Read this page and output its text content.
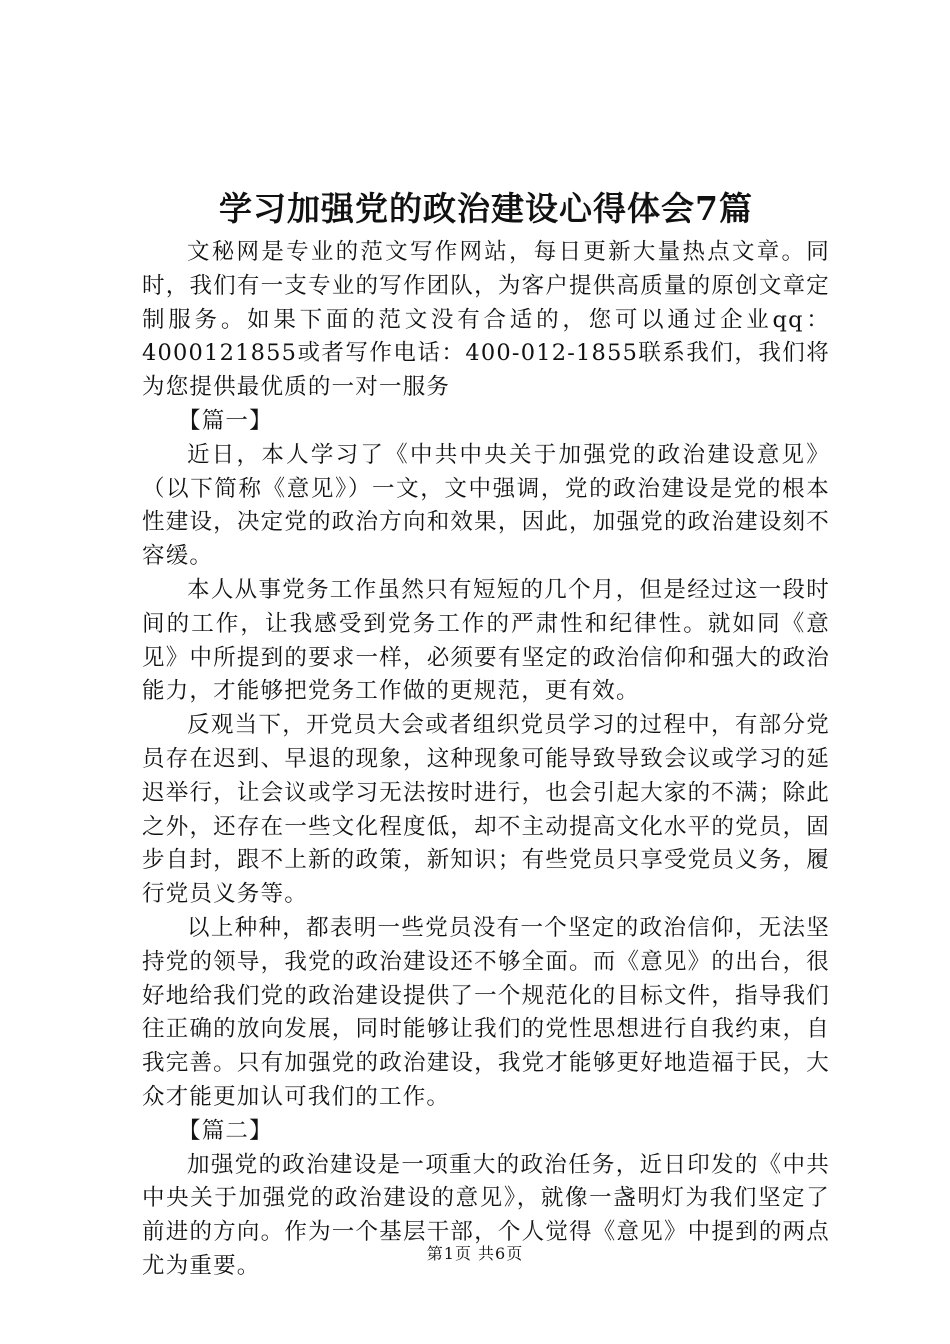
学习加强党的政治建设心得体会7篇

文秘网是专业的范文写作网站，每日更新大量热点文章。同时，我们有一支专业的写作团队，为客户提供高质量的原创文章定制服务。如果下面的范文没有合适的，您可以通过企业qq：4000121855或者写作电话：400-012-1855联系我们，我们将为您提供最优质的一对一服务

【篇一】

近日，本人学习了《中共中央关于加强党的政治建设意见》（以下简称《意见》）一文，文中强调，党的政治建设是党的根本性建设，决定党的政治方向和效果，因此，加强党的政治建设刻不容缓。

本人从事党务工作虽然只有短短的几个月，但是经过这一段时间的工作，让我感受到党务工作的严肃性和纪律性。就如同《意见》中所提到的要求一样，必须要有坚定的政治信仰和强大的政治能力，才能够把党务工作做的更规范，更有效。

反观当下，开党员大会或者组织党员学习的过程中，有部分党员存在迟到、早退的现象，这种现象可能导致导致会议或学习的延迟举行，让会议或学习无法按时进行，也会引起大家的不满；除此之外，还存在一些文化程度低，却不主动提高文化水平的党员，固步自封，跟不上新的政策，新知识；有些党员只享受党员义务，履行党员义务等。

以上种种，都表明一些党员没有一个坚定的政治信仰，无法坚持党的领导，我党的政治建设还不够全面。而《意见》的出台，很好地给我们党的政治建设提供了一个规范化的目标文件，指导我们往正确的放向发展，同时能够让我们的党性思想进行自我约束，自我完善。只有加强党的政治建设，我党才能够更好地造福于民，大众才能更加认可我们的工作。

【篇二】

加强党的政治建设是一项重大的政治任务，近日印发的《中共中央关于加强党的政治建设的意见》，就像一盏明灯为我们坚定了前进的方向。作为一个基层干部，个人觉得《意见》中提到的两点尤为重要。	第1页 共6页
